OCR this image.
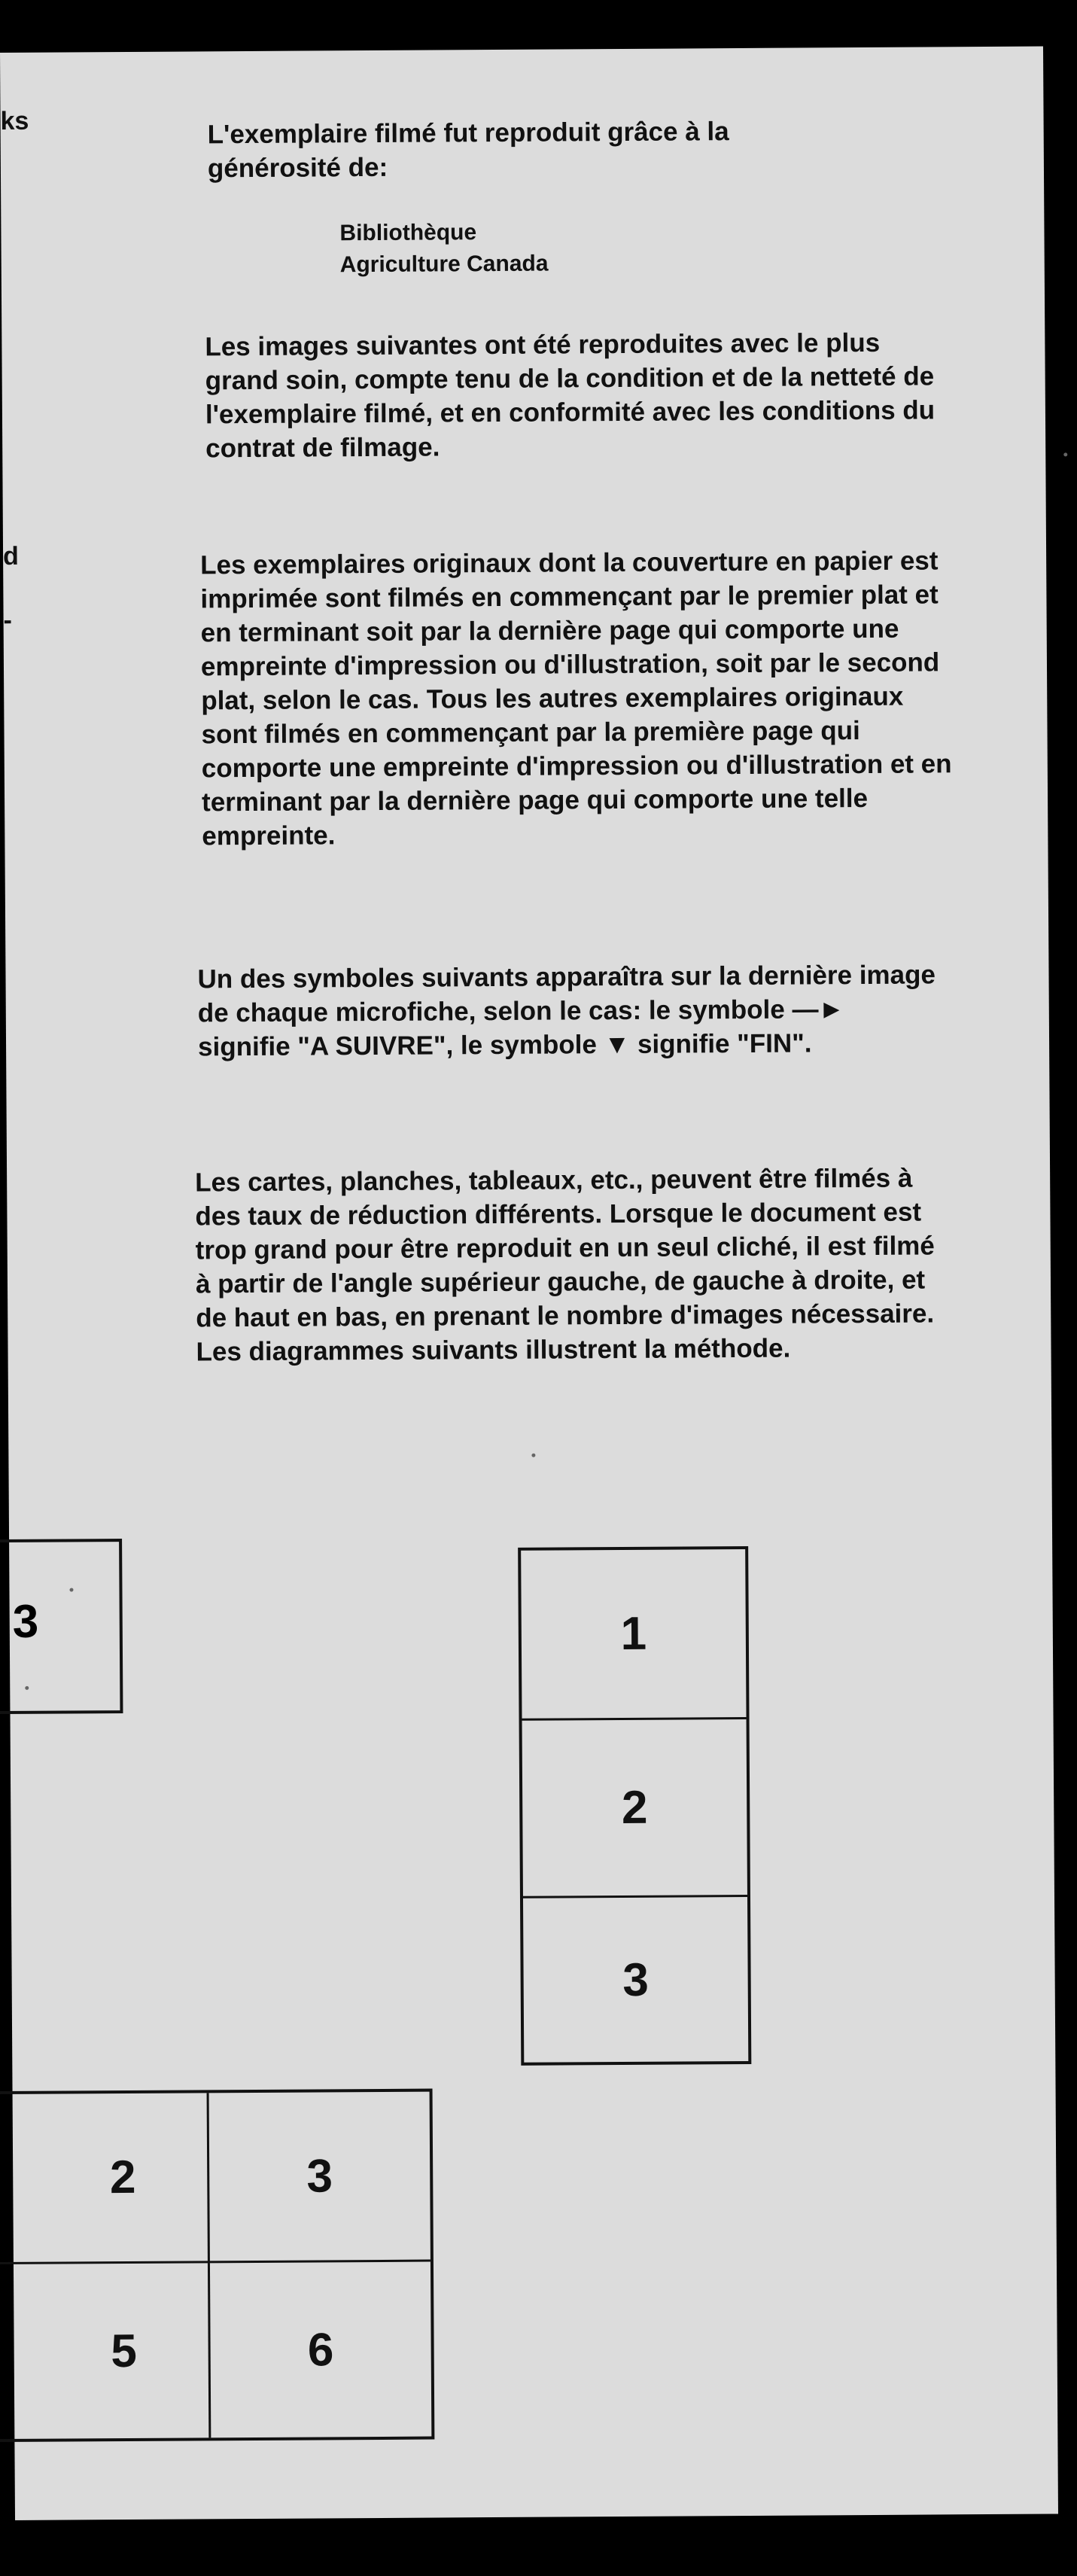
ks
d
-
L'exemplaire filmé fut reproduit grâce à la
générosité de:
Bibliothèque
Agriculture Canada

Les images suivantes ont été reproduites avec le plus grand soin, compte tenu de la condition et de la netteté de l'exemplaire filmé, et en conformité avec les conditions du contrat de filmage.

Les exemplaires originaux dont la couverture en papier est imprimée sont filmés en commençant par le premier plat et en terminant soit par la dernière page qui comporte une empreinte d'impression ou d'illustration, soit par le second plat, selon le cas. Tous les autres exemplaires originaux sont filmés en commençant par la première page qui comporte une empreinte d'impression ou d'illustration et en terminant par la dernière page qui comporte une telle empreinte.

Un des symboles suivants apparaîtra sur la dernière image de chaque microfiche, selon le cas: le symbole —► signifie "A SUIVRE", le symbole ▼ signifie "FIN".

Les cartes, planches, tableaux, etc., peuvent être filmés à des taux de réduction différents. Lorsque le document est trop grand pour être reproduit en un seul cliché, il est filmé à partir de l'angle supérieur gauche, de gauche à droite, et de haut en bas, en prenant le nombre d'images nécessaire. Les diagrammes suivants illustrent la méthode.

3	1
2
3
2	3
5	6
